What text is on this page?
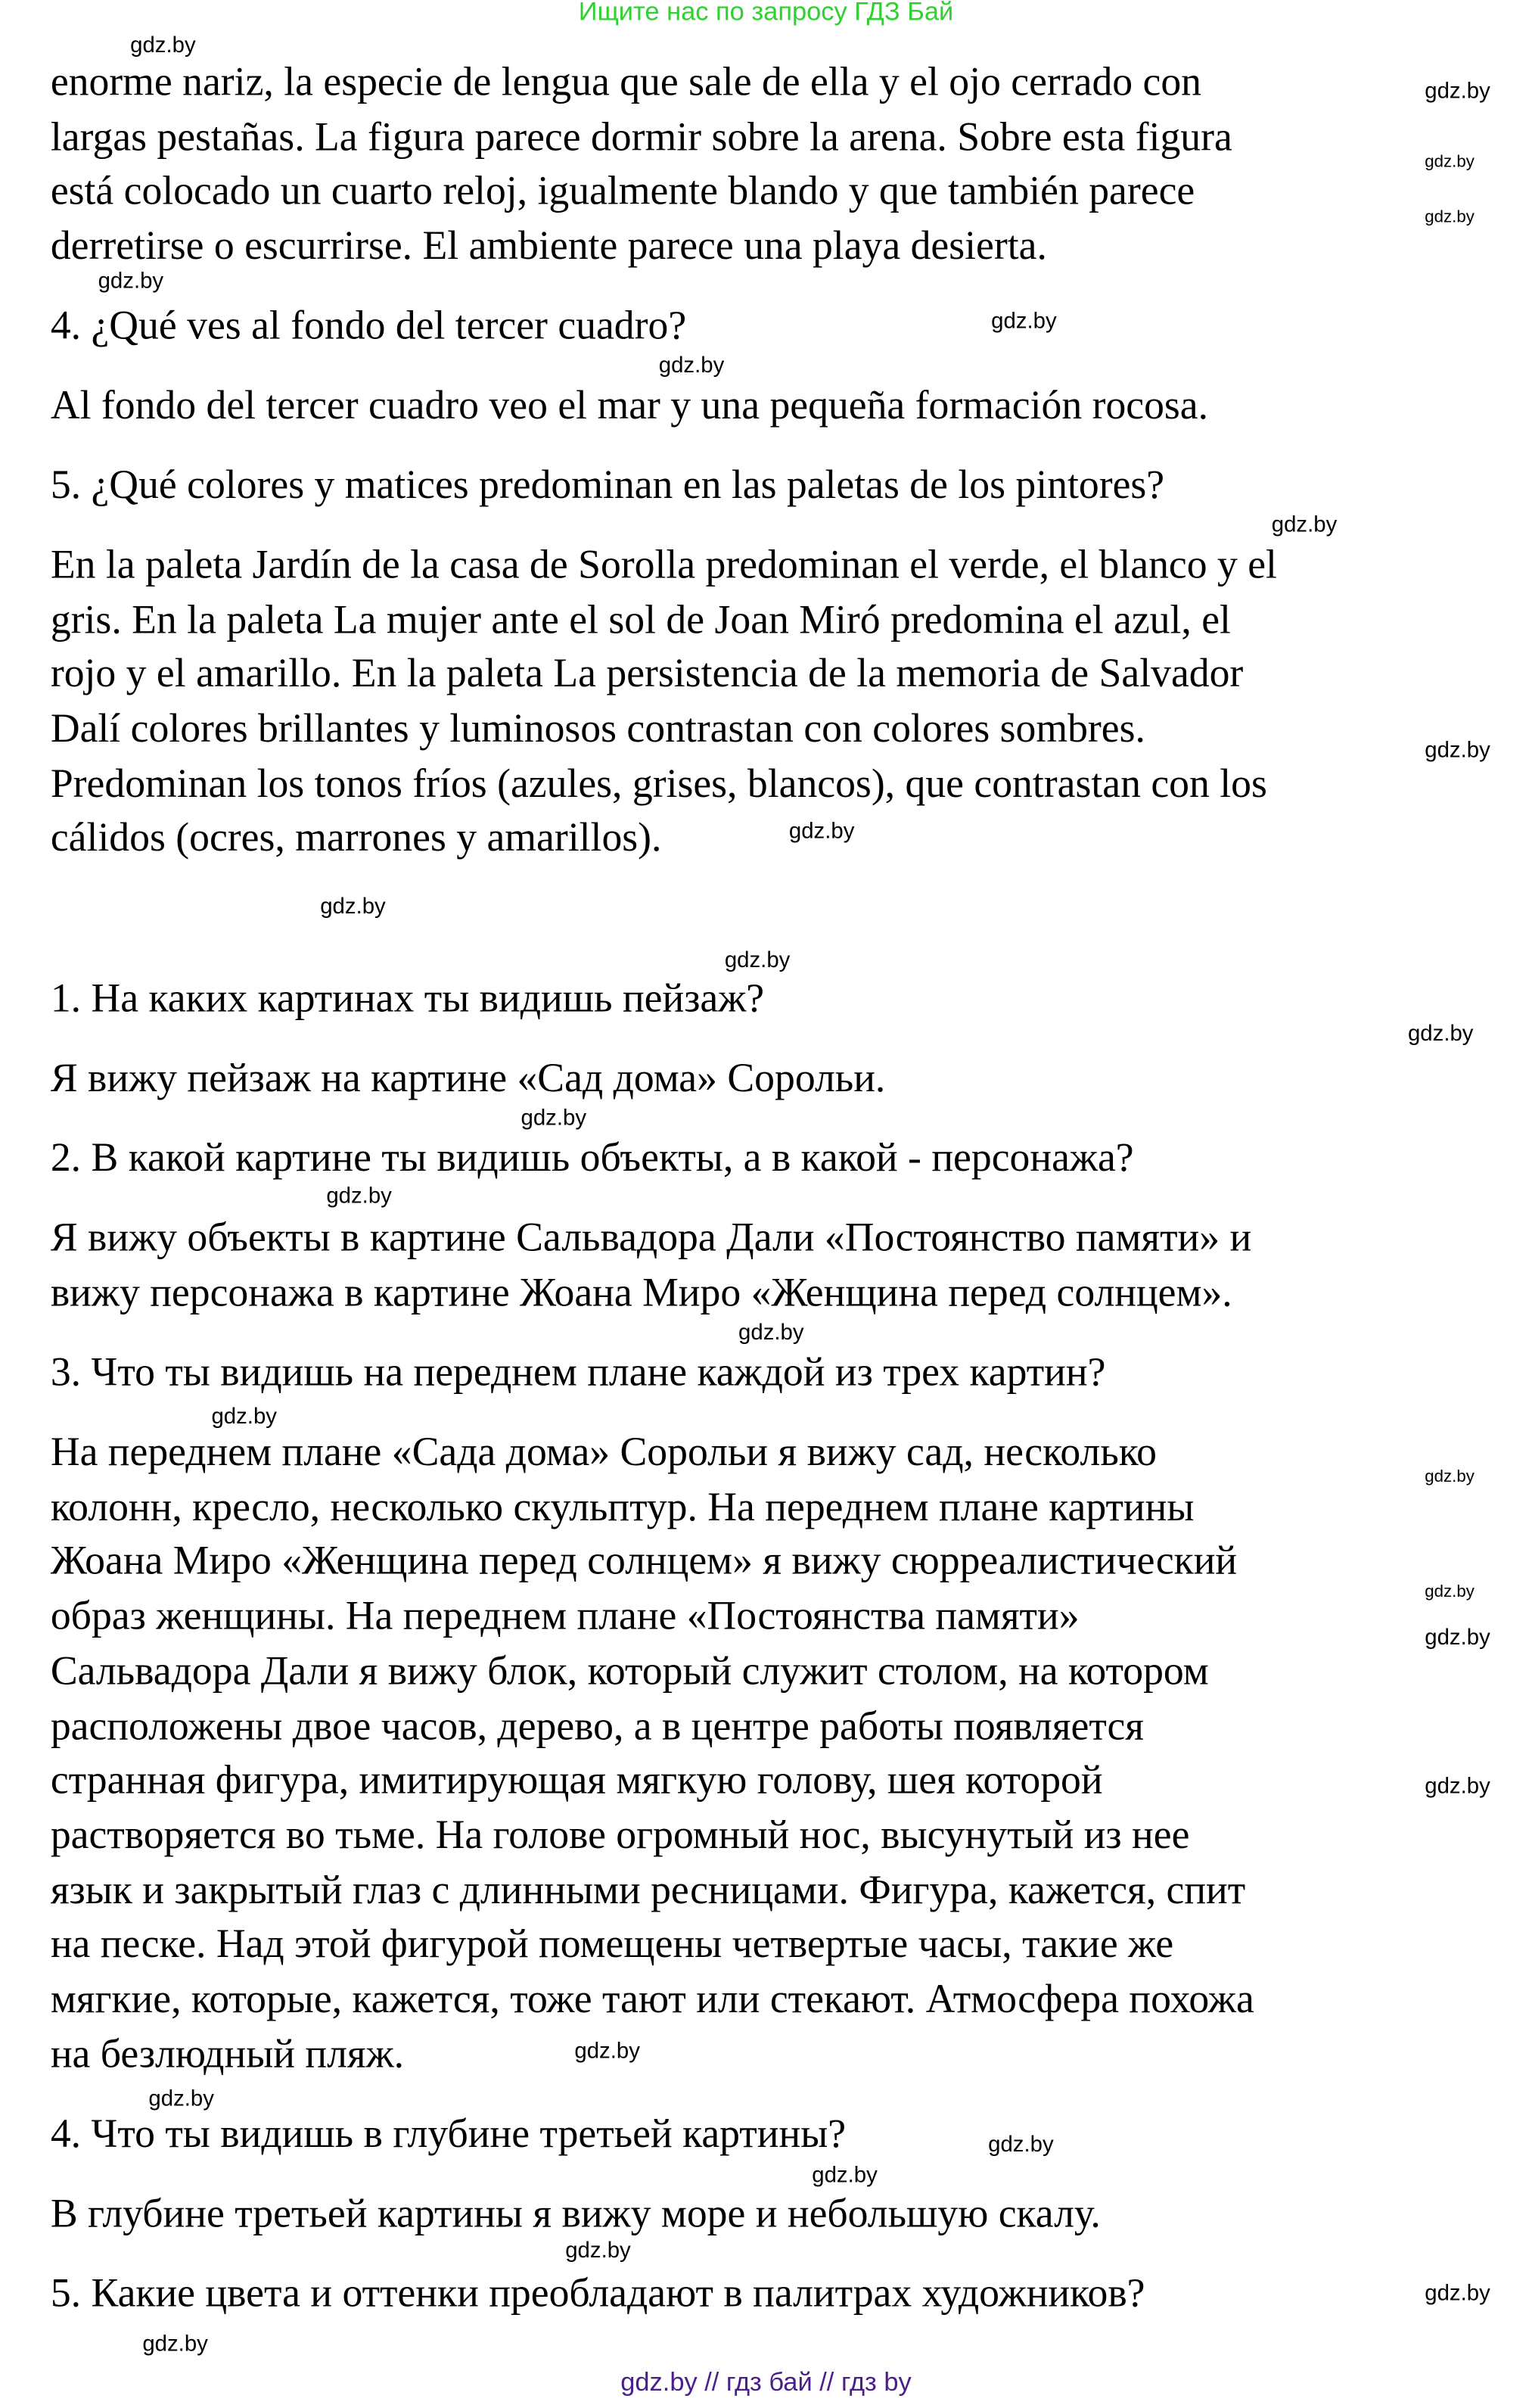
Ищите нас по запросу ГДЗ Бай
enorme nariz, la especie de lengua que sale de ella y el ojo cerrado con
largas pestañas. La figura parece dormir sobre la arena. Sobre esta figura
está colocado un cuarto reloj, igualmente blando y que también parece
derretirse o escurrirse. El ambiente parece una playa desierta.
4. ¿Qué ves al fondo del tercer cuadro?
Al fondo del tercer cuadro veo el mar y una pequeña formación rocosa.
5. ¿Qué colores y matices predominan en las paletas de los pintores?
En la paleta Jardín de la casa de Sorolla predominan el verde, el blanco y el
gris. En la paleta La mujer ante el sol de Joan Miró predomina el azul, el
rojo y el amarillo. En la paleta La persistencia de la memoria de Salvador
Dalí colores brillantes y luminosos contrastan con colores sombres.
Predominan los tonos fríos (azules, grises, blancos), que contrastan con los
cálidos (ocres, marrones y amarillos).
1. На каких картинах ты видишь пейзаж?
Я вижу пейзаж на картине «Сад дома» Сорольи.
2. В какой картине ты видишь объекты, а в какой - персонажа?
Я вижу объекты в картине Сальвадора Дали «Постоянство памяти» и
вижу персонажа в картине Жоана Миро «Женщина перед солнцем».
3. Что ты видишь на переднем плане каждой из трех картин?
На переднем плане «Сада дома» Сорольи я вижу сад, несколько
колонн, кресло, несколько скульптур. На переднем плане картины
Жоана Миро «Женщина перед солнцем» я вижу сюрреалистический
образ женщины. На переднем плане «Постоянства памяти»
Сальвадора Дали я вижу блок, который служит столом, на котором
расположены двое часов, дерево, а в центре работы появляется
странная фигура, имитирующая мягкую голову, шея которой
растворяется во тьме. На голове огромный нос, высунутый из нее
язык и закрытый глаз с длинными ресницами. Фигура, кажется, спит
на песке. Над этой фигурой помещены четвертые часы, такие же
мягкие, которые, кажется, тоже тают или стекают. Атмосфера похожа
на безлюдный пляж.
4. Что ты видишь в глубине третьей картины?
В глубине третьей картины я вижу море и небольшую скалу.
5. Какие цвета и оттенки преобладают в палитрах художников?
gdz.by
gdz.by
gdz.by
gdz.by
gdz.by
gdz.by
gdz.by
gdz.by
gdz.by
gdz.by
gdz.by
gdz.by
gdz.by
gdz.by
gdz.by
gdz.by
gdz.by
gdz.by
gdz.by
gdz.by
gdz.by
gdz.by
gdz.by
gdz.by
gdz.by
gdz.by
gdz.by
gdz.by
gdz.by // гдз бай // гдз by
